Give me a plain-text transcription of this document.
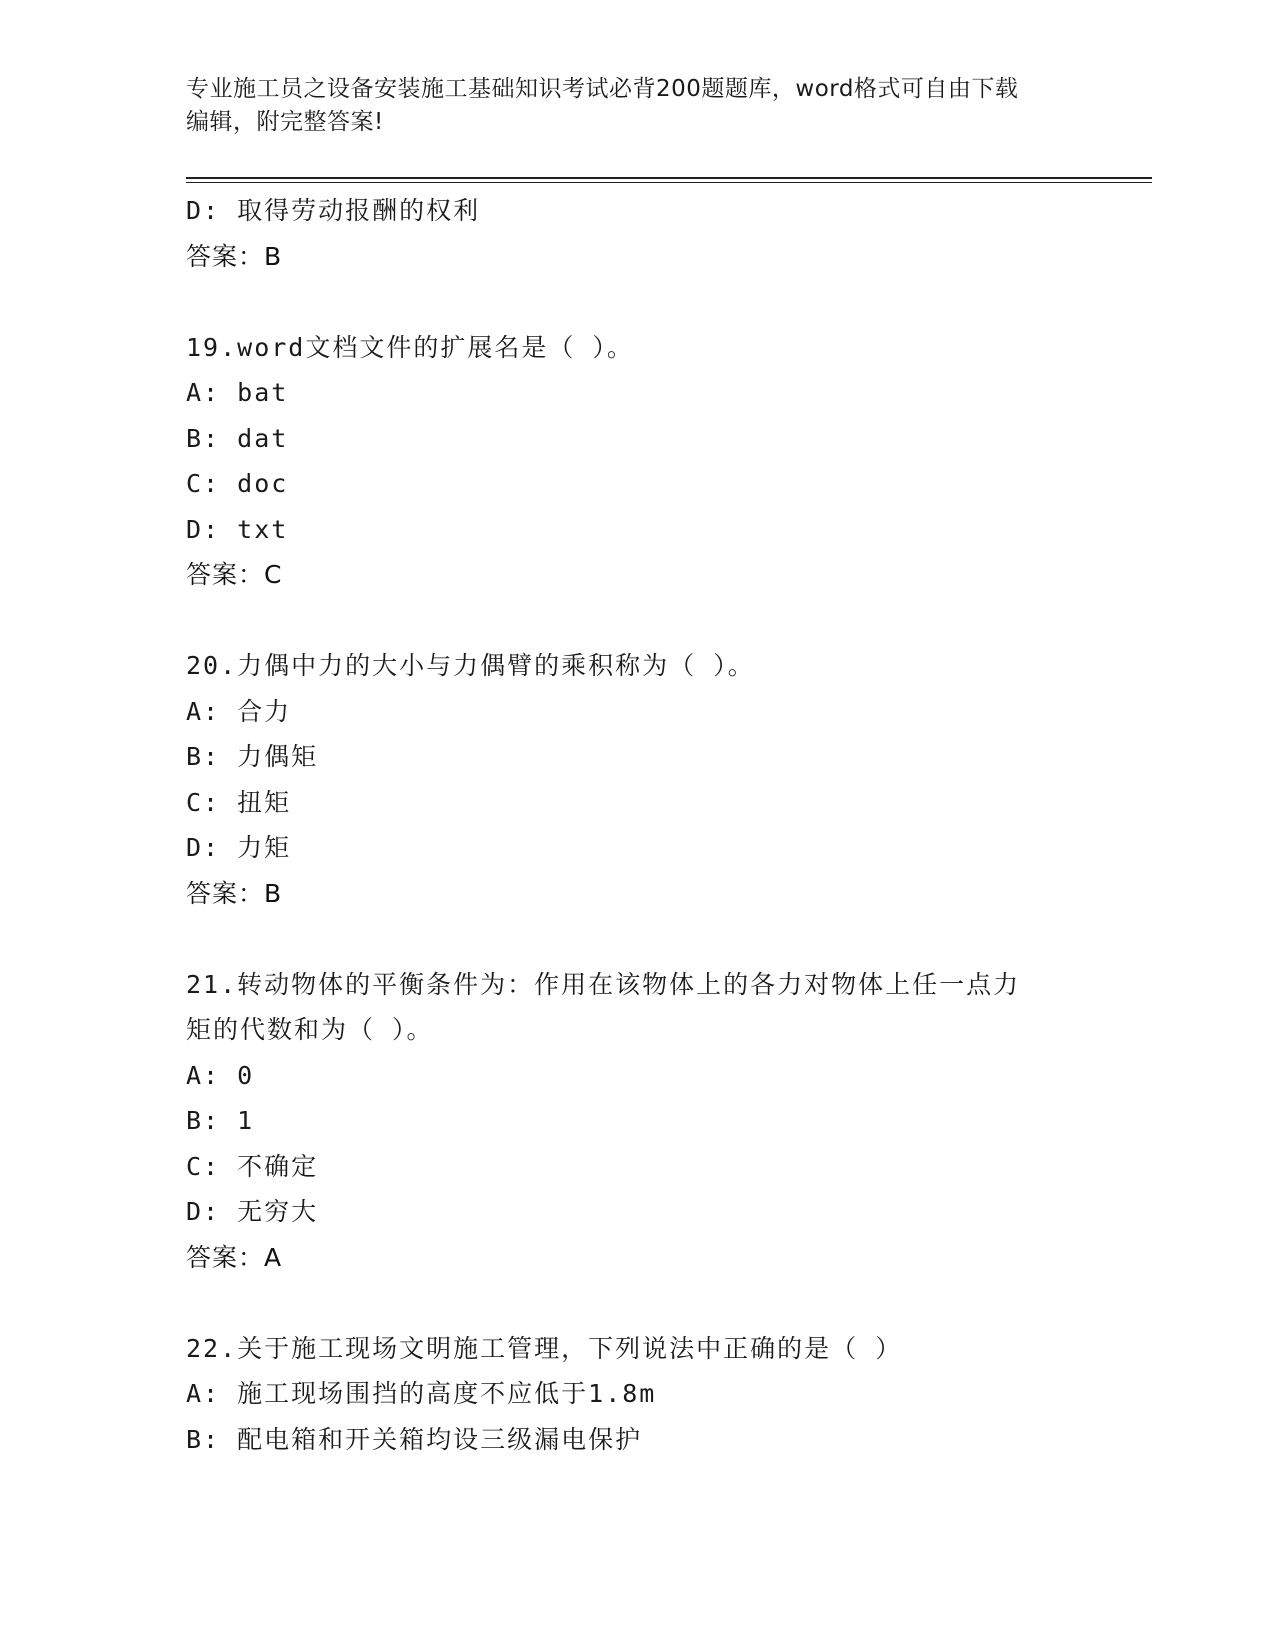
专业施工员之设备安装施工基础知识考试必背200题题库，word格式可自由下载
编辑，附完整答案!
D: 取得劳动报酬的权利
答案：B
19.word文档文件的扩展名是（ ）。
A: bat
B: dat
C: doc
D: txt
答案：C
20.力偶中力的大小与力偶臂的乘积称为（ ）。
A: 合力
B: 力偶矩
C: 扭矩
D: 力矩
答案：B
21.转动物体的平衡条件为：作用在该物体上的各力对物体上任一点力
矩的代数和为（ ）。
A: 0
B: 1
C: 不确定
D: 无穷大
答案：A
22.关于施工现场文明施工管理，下列说法中正确的是（ ）
A: 施工现场围挡的高度不应低于1.8m
B: 配电箱和开关箱均设三级漏电保护
